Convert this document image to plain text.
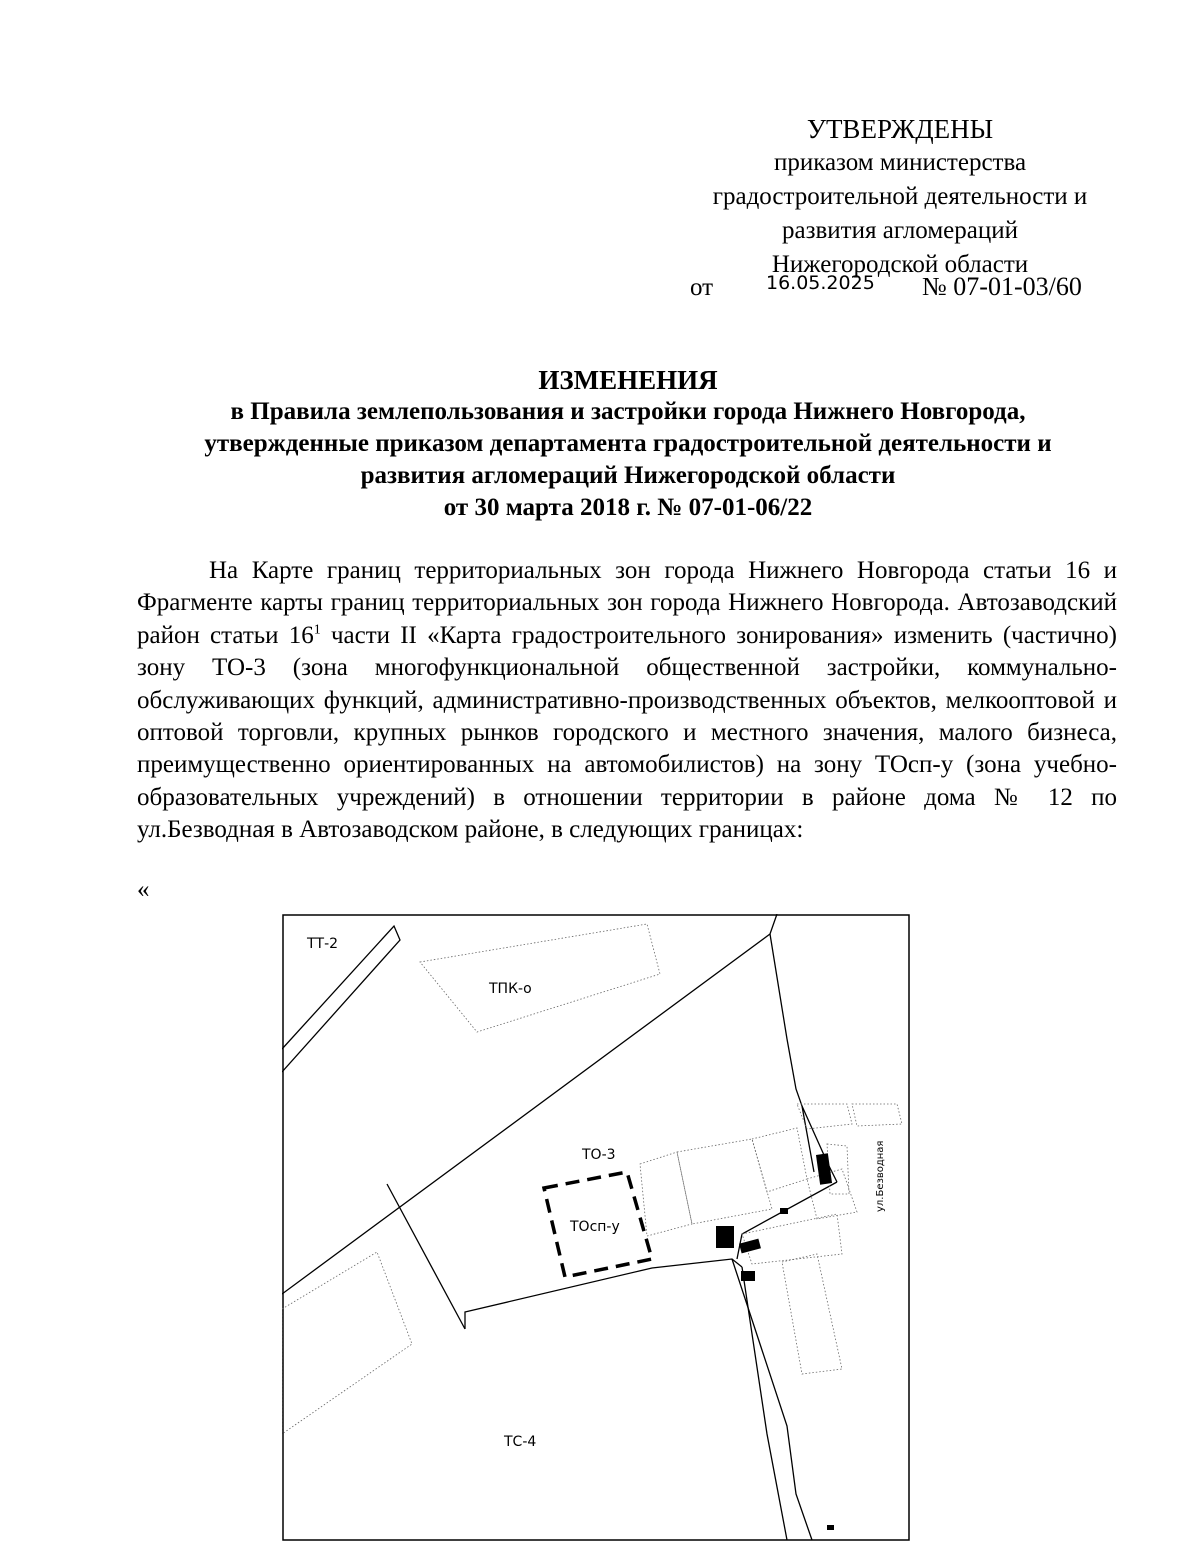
УТВЕРЖДЕНЫ
приказом министерства
градостроительной деятельности и
развития агломераций
Нижегородской области
от	16.05.2025 № 07-01-03/60
ИЗМЕНЕНИЯ
в Правила землепользования и застройки города Нижнего Новгорода,
утвержденные приказом департамента градостроительной деятельности и
развития агломераций Нижегородской области
от 30 марта 2018 г. № 07-01-06/22

На Карте границ территориальных зон города Нижнего Новгорода статьи 16 и Фрагменте карты границ территориальных зон города Нижнего Новгорода. Автозаводский район статьи $16^1$ части II «Карта градостроительного зонирования» изменить (частично) зону ТО-3 (зона многофункциональной общественной застройки, коммунально-обслуживающих функций, административно-производственных объектов, мелкооптовой и оптовой торговли, крупных рынков городского и местного значения, малого бизнеса, преимущественно ориентированных на автомобилистов) на зону ТОсп-у (зона учебно-образовательных учреждений) в отношении территории в районе дома № 12 по ул.Безводная в Автозаводском районе, в следующих границах:

«
ТТ-2
ТПК-о
ТО-3
ТОсп-у
ТС-4
ул.Безводная
